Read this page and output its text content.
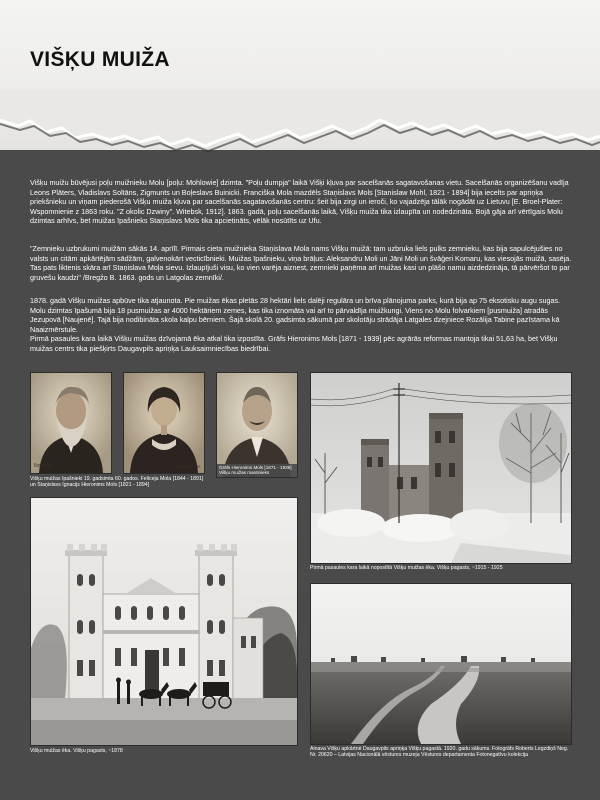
VIŠĶU MUIŽA

Višķu muižu būvējusi poļu muižnieku Molu [poļu: Mohlowie] dzimta. "Poļu dumpja" laikā Višķi kļuva par sacelšanās sagatavošanas vietu. Sacelšanās organizēšanu vadīja Leons Plāters, Vladislavs Soltāns, Zigmunts un Boļeslavs Buinicki. Franciška Mola mazdēls Staņislavs Mols [Stanislaw Mohl, 1821 - 1894] bija iecelts par apriņķa priekšnieku un viņam piederošā Višķu muiža kļuva par sacelšanās sagatavošanās centru: šeit bija zirgi un ieroči, ko vajadzēja tālāk nogādāt uz Lietuvu [E. Broel-Plater: Wspomnienie z 1863 roku. "Z okolic Dzwiny". Witebsk, 1912]. 1863. gadā, poļu sacelšanās laikā, Višķu muiža tika izlaupīta un nodedzināta. Bojā gāja arī vērtīgais Molu dzimtas arhīvs, bet muižas īpašnieks Staņislavs Mols tika apcietināts, vēlāk nosūtīts uz Ufu.

"Zemnieku uzbrukumi muižām sākās 14. aprīlī. Pirmais cieta muižnieka Staņislava Mola nams Višķu muižā: tam uzbruka liels pulks zemnieku, kas bija sapulcējušies no valsts un citām apkārtējām sādžām, galvenokārt vecticībnieki. Muižas īpašnieku, viņa brāļus: Aleksandru Moli un Jāni Moli un švāģeri Komaru, kas viesojās muižā, sasēja. Tas pats liktenis skāra arī Staņislava Moļa sievu. Izlaupījuši visu, ko vien varēja aiznest, zemnieki paņēma arī muižas kasi un plāšo namu aizdedzināja, tā pārvēršot to par gruvešu kaudzi" /Bregžo B. 1863. gods un Latgolas zemnīki/.

1878. gadā Višķu muižas apbūve tika atjaunota. Pie muižas ēkas pletās 28 hektāri liels dalēji regulāra un brīva plānojuma parks, kurā bija ap 75 eksotisku augu sugas. Molu dzimtas īpašumā bija 18 pusmuižas ar 4000 hektāriem zemes, kas tika iznomāta vai arī to pārvaldīja muižkungi. Viens no Molu folvarkiem [pusmuiža] atradās Jezupovā [Naujenē]. Tajā bija nodibināta skola kalpu bērniem. Šajā skolā 20. gadsimta sākumā par skolotāju strādāja Latgales dzejniece Rozālija Tabine pazīstama kā Naaizmērstule.

Pirmā pasaules kara laikā Višķu muižas dzīvojamā ēka atkal tika izpostīta. Grāfs Hieronims Mols [1871 - 1939] pēc agrārās reformas mantoja tikai 51,63 ha, bet Višķu muižas centrs tika piešķirts Daugavpils apriņķa Lauksaimniecības biedrībai.

Ilovickü	Naujenē Str.	Grāfs Hieronims Mols [1871 - 1939]

Višķu muižas mantinieks

Višķu muižas īpašnieki 19. gadsimta 60. gados. Feliceja Mola [1844 - 1891] un Staņislavs Ignacijs Hieronims Mols [1821 - 1894]

Pirmā pasaules kara laikā nopostītā Višķu muižas ēka. Višķu pagasts, ~1915 - 1925

Višķu muižas ēka. Višķu pagasts, ~1878	Ainava Višķu apkārtnē Daugavpils apriņķa Višķu pagastā. 1920. gadu sākums. Fotogrāfs Roberts Legzdiņš Neg. Nr. 20620 – Latvijas Nacionālā vēstures muzeja Vēstures departamenta Fotonegatīvu kolekcija
